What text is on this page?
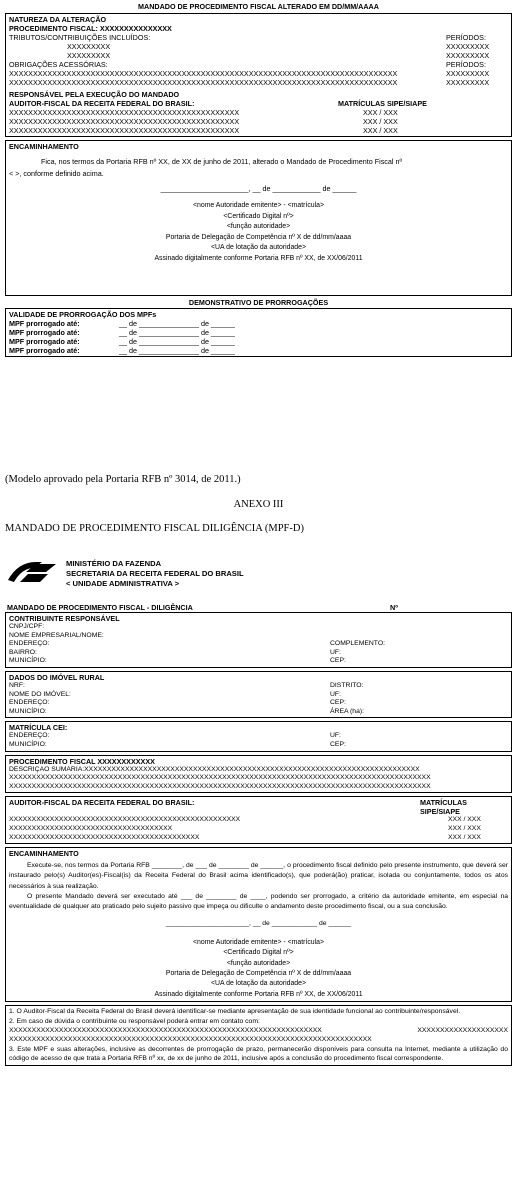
MANDADO DE PROCEDIMENTO FISCAL ALTERADO EM DD/MM/AAAA
NATUREZA DA ALTERAÇÃO
PROCEDIMENTO FISCAL: XXXXXXXXXXXXXXX
TRIBUTOS/CONTRIBUIÇÕES INCLUÍDOS:	PERÍODOS:
XXXXXXXXX	XXXXXXXXX
XXXXXXXXX	XXXXXXXXX
OBRIGAÇÕES ACESSÓRIAS:	PERÍODOS:
XXXXXXXXXXXXXXXXXXXXXXXXXXXXXXXXXXXXXXXXXXXXXXXXXXXXXXXXXXXXXXXXXXXXXXXXXXXXXXXXX	XXXXXXXXX
XXXXXXXXXXXXXXXXXXXXXXXXXXXXXXXXXXXXXXXXXXXXXXXXXXXXXXXXXXXXXXXXXXXXXXXXXXXXXXXXX	XXXXXXXXX
RESPONSÁVEL PELA EXECUÇÃO DO MANDADO
AUDITOR-FISCAL DA RECEITA FEDERAL DO BRASIL:	MATRÍCULAS SIPE/SIAPE
XXXXXXXXXXXXXXXXXXXXXXXXXXXXXXXXXXXXXXXXXXXXXXXX	XXX / XXX
XXXXXXXXXXXXXXXXXXXXXXXXXXXXXXXXXXXXXXXXXXXXXXXX	XXX / XXX
XXXXXXXXXXXXXXXXXXXXXXXXXXXXXXXXXXXXXXXXXXXXXXXX	XXX / XXX
ENCAMINHAMENTO
Fica, nos termos da Portaria RFB nº XX, de XX de junho de 2011, alterado o Mandado de Procedimento Fiscal nº
< >, conforme definido acima.
______________________, __ de ____________ de ______
<nome Autoridade emitente> - <matrícula>
<Certificado Digital nº>
<função autoridade>
Portaria de Delegação de Competência nº X de dd/mm/aaaa
<UA de lotação da autoridade>
Assinado digitalmente conforme Portaria RFB nº XX, de XX/06/2011
DEMONSTRATIVO DE PRORROGAÇÕES
VALIDADE DE PRORROGAÇÃO DOS MPFs
MPF prorrogado até:	__ de _______________ de ______
MPF prorrogado até:	__ de _______________ de ______
MPF prorrogado até:	__ de _______________ de ______
MPF prorrogado até:	__ de _______________ de ______
(Modelo aprovado pela Portaria RFB nº 3014, de 2011.)
ANEXO III
MANDADO DE PROCEDIMENTO FISCAL DILIGÊNCIA (MPF-D)
MINISTÉRIO DA FAZENDA
SECRETARIA DA RECEITA FEDERAL DO BRASIL
< UNIDADE ADMINISTRATIVA >
MANDADO DE PROCEDIMENTO FISCAL - DILIGÊNCIA	Nº
CONTRIBUINTE RESPONSÁVEL
CNPJ/CPF:
NOME EMPRESARIAL/NOME:
ENDEREÇO:	COMPLEMENTO:
BAIRRO:	UF:
MUNICÍPIO:	CEP:
DADOS DO IMÓVEL RURAL
NRF:	DISTRITO:
NOME DO IMÓVEL:	UF:
ENDEREÇO:	CEP:
MUNICÍPIO:	ÁREA (ha):
MATRÍCULA CEI:
ENDEREÇO:	UF:
MUNICÍPIO:	CEP:
PROCEDIMENTO FISCAL XXXXXXXXXXXX
DESCRIÇÃO SUMÁRIA:XXXXXXXXXXXXXXXXXXXXXXXXXXXXXXXXXXXXXXXXXXXXXXXXXXXXXXXXXXXXXXXXXXXXXXXXXX
XXXXXXXXXXXXXXXXXXXXXXXXXXXXXXXXXXXXXXXXXXXXXXXXXXXXXXXXXXXXXXXXXXXXXXXXXXXXXXXXXXXXXXXXXXXXX
XXXXXXXXXXXXXXXXXXXXXXXXXXXXXXXXXXXXXXXXXXXXXXXXXXXXXXXXXXXXXXXXXXXXXXXXXXXXXXXXXXXXXXXXXXXXX
AUDITOR-FISCAL DA RECEITA FEDERAL DO BRASIL:	MATRÍCULAS SIPE/SIAPE
XXXXXXXXXXXXXXXXXXXXXXXXXXXXXXXXXXXXXXXXXXXXXXXXXXX	XXX / XXX
XXXXXXXXXXXXXXXXXXXXXXXXXXXXXXXXXXXX	XXX / XXX
XXXXXXXXXXXXXXXXXXXXXXXXXXXXXXXXXXXXXXXXXX	XXX / XXX
ENCAMINHAMENTO
Execute-se, nos termos da Portaria RFB ________, de ___ de ________ de ______, o procedimento fiscal definido pelo presente instrumento, que deverá ser instaurado pelo(s) Auditor(es)-Fiscal(is) da Receita Federal do Brasil acima identificado(s), que poderá(ão) praticar, isolada ou conjuntamente, todos os atos necessários à sua realização.
O presente Mandado deverá ser executado até ___ de ________ de ____, podendo ser prorrogado, a critério da autoridade emitente, em especial na eventualidade de qualquer ato praticado pelo sujeito passivo que impeça ou dificulte o andamento deste procedimento fiscal, ou a sua conclusão.
______________________, __ de ____________ de ______
<nome Autoridade emitente> - <matrícula>
<Certificado Digital nº>
<função autoridade>
Portaria de Delegação de Competência nº X de dd/mm/aaaa
<UA de lotação da autoridade>
Assinado digitalmente conforme Portaria RFB nº XX, de XX/06/2011
1. O Auditor-Fiscal da Receita Federal do Brasil deverá identificar-se mediante apresentação de sua identidade funcional ao contribuinte/responsável.
2. Em caso de dúvida o contribuinte ou responsável poderá entrar em contato com:
XXXXXXXXXXXXXXXXXXXXXXXXXXXXXXXXXXXXXXXXXXXXXXXXXXXXXXXXXXXXXXXXXXXXX	XXXXXXXXXXXXXXXXXXXX
XXXXXXXXXXXXXXXXXXXXXXXXXXXXXXXXXXXXXXXXXXXXXXXXXXXXXXXXXXXXXXXXXXXXXXXXXXXXXXXX
3. Este MPF e suas alterações, inclusive as decorrentes de prorrogação de prazo, permanecerão disponíveis para consulta na Internet, mediante a utilização do código de acesso de que trata a Portaria RFB nº xx, de xx de junho de 2011, inclusive após a conclusão do procedimento fiscal correspondente.
